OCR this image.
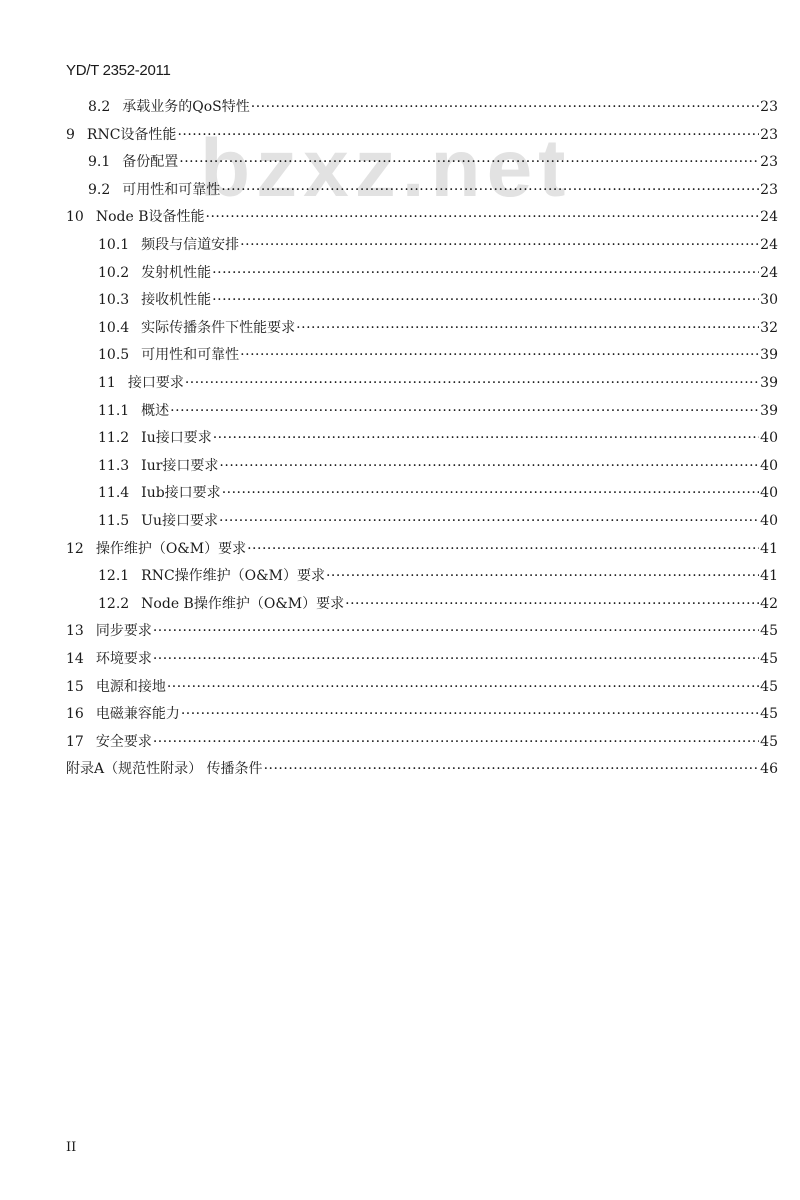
YD/T 2352-2011
bzxz.net
8.2 承载业务的QoS特性 ·····	23
9 RNC设备性能 ·····	23
9.1 备份配置 ·····	23
9.2 可用性和可靠性 ·····	23
10 Node B设备性能 ·····	24
10.1 频段与信道安排 ·····	24
10.2 发射机性能 ·····	24
10.3 接收机性能 ·····	30
10.4 实际传播条件下性能要求 ·····	32
10.5 可用性和可靠性 ·····	39
11 接口要求 ·····	39
11.1 概述 ·····	39
11.2 Iu接口要求 ·····	40
11.3 Iur接口要求 ·····	40
11.4 Iub接口要求 ·····	40
11.5 Uu接口要求 ·····	40
12 操作维护（O&M）要求 ·····	41
12.1 RNC操作维护（O&M）要求 ·····	41
12.2 Node B操作维护（O&M）要求 ·····	42
13 同步要求 ·····	45
14 环境要求 ·····	45
15 电源和接地 ·····	45
16 电磁兼容能力 ·····	45
17 安全要求 ·····	45
附录A（规范性附录） 传播条件 ·····	46
II
